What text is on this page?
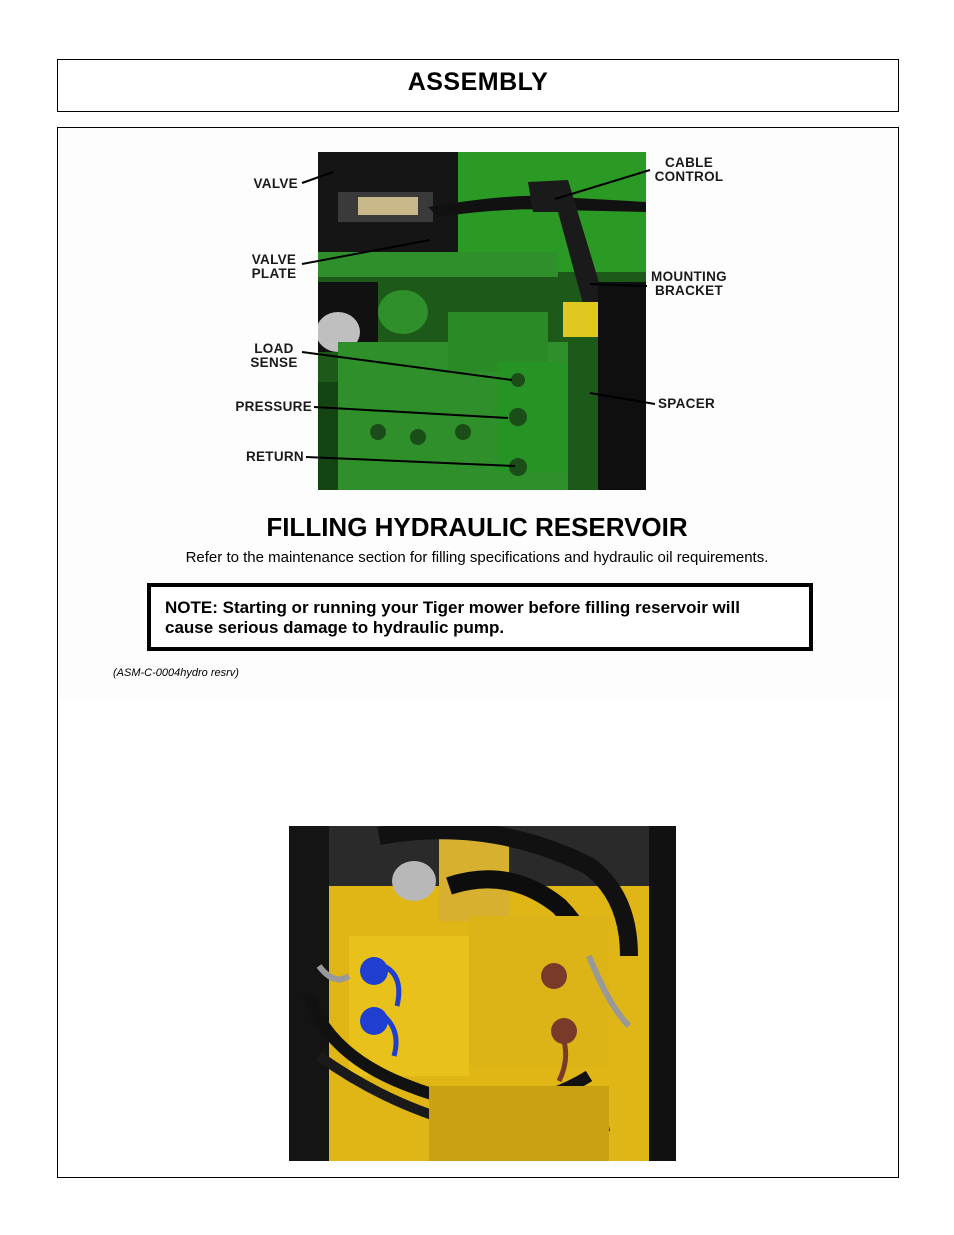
ASSEMBLY
VALVE
VALVE
PLATE
LOAD
SENSE
PRESSURE
RETURN
CABLE
CONTROL
MOUNTING
BRACKET
SPACER
FILLING HYDRAULIC RESERVOIR
Refer to the maintenance section for filling specifications and hydraulic oil requirements.
NOTE: Starting or running your Tiger mower before filling reservoir will
cause serious damage to hydraulic pump.
(ASM-C-0004hydro resrv)
